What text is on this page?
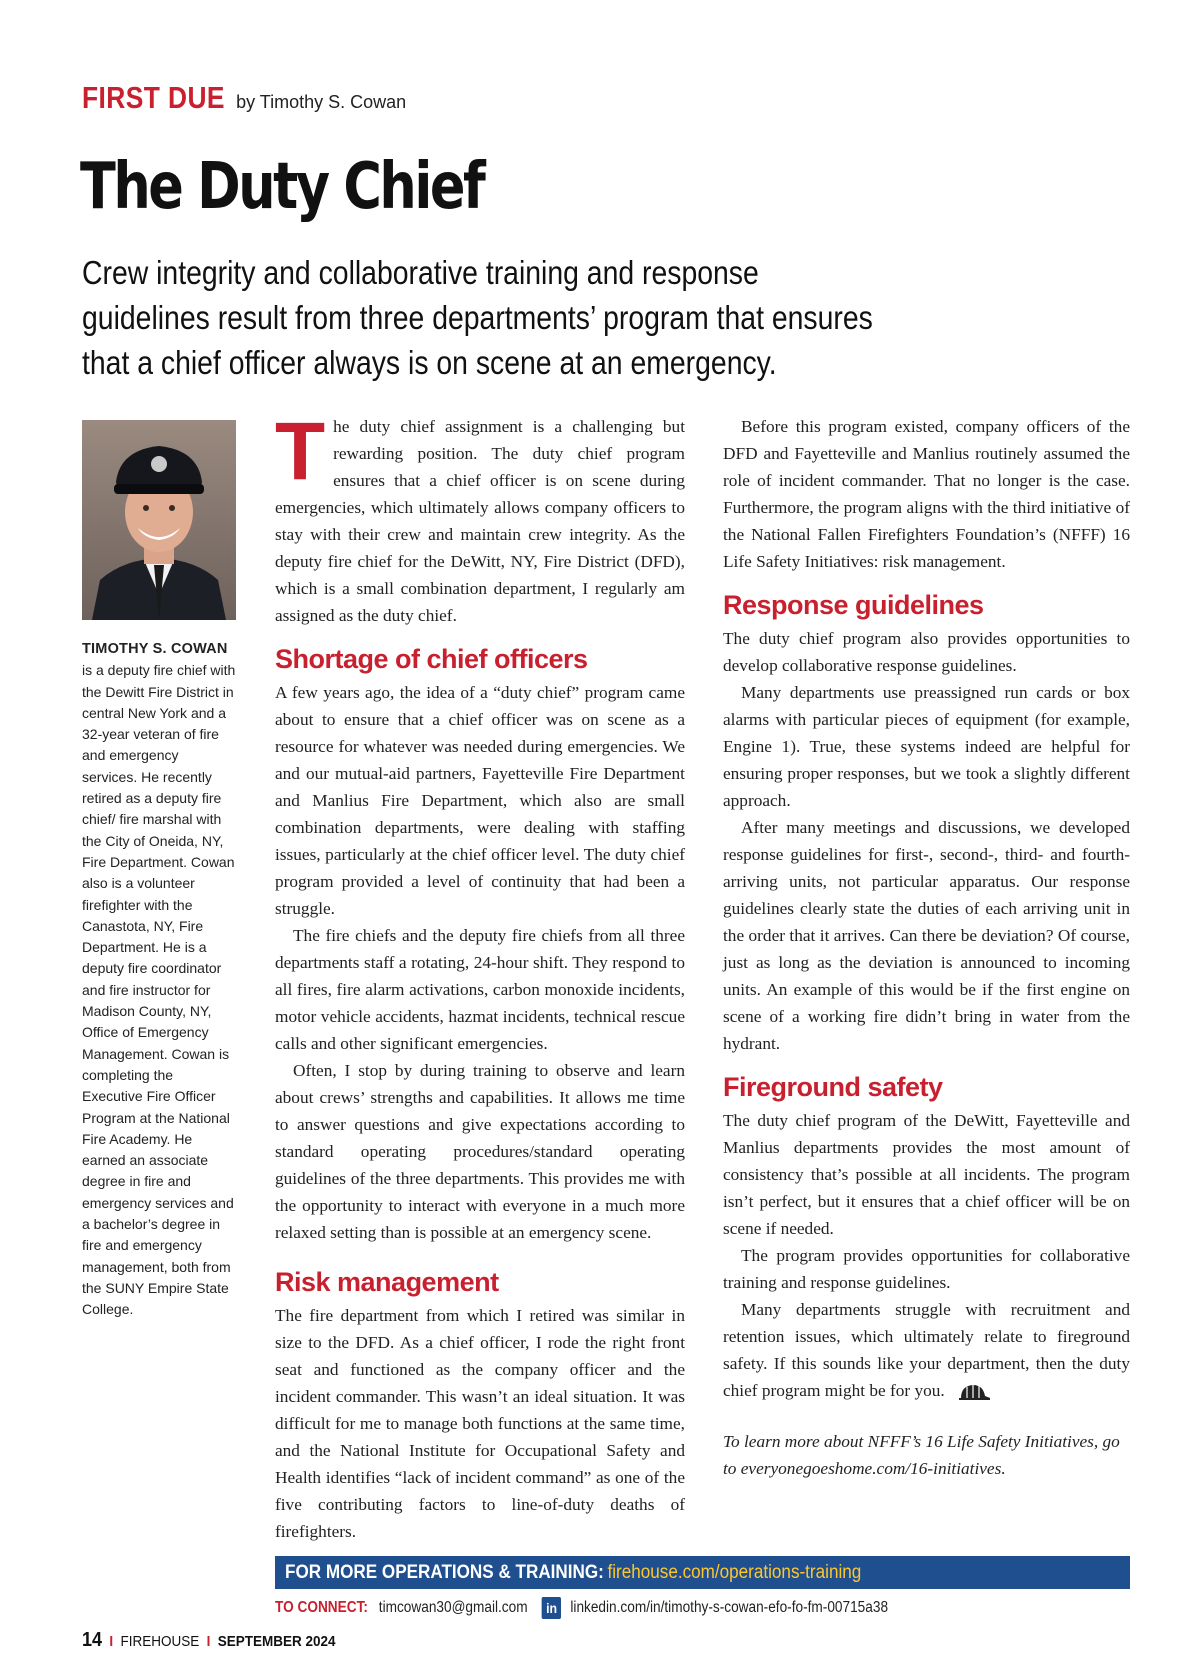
FIRST DUE by Timothy S. Cowan
The Duty Chief
Crew integrity and collaborative training and response guidelines result from three departments’ program that ensures that a chief officer always is on scene at an emergency.
TIMOTHY S. COWAN
is a deputy fire chief with the Dewitt Fire District in central New York and a 32-year veteran of fire and emergency services. He recently retired as a deputy fire chief/ fire marshal with the City of Oneida, NY, Fire Department. Cowan also is a volunteer firefighter with the Canastota, NY, Fire Department. He is a deputy fire coordinator and fire instructor for Madison County, NY, Office of Emergency Management. Cowan is completing the Executive Fire Officer Program at the National Fire Academy. He earned an associate degree in fire and emergency services and a bachelor’s degree in fire and emergency management, both from the SUNY Empire State College.

The duty chief assignment is a challenging but rewarding position. The duty chief program ensures that a chief officer is on scene during emergencies, which ultimately allows company officers to stay with their crew and maintain crew integrity. As the deputy fire chief for the DeWitt, NY, Fire District (DFD), which is a small combination department, I regularly am assigned as the duty chief.

Shortage of chief officers

A few years ago, the idea of a “duty chief” program came about to ensure that a chief officer was on scene as a resource for whatever was needed during emergencies. We and our mutual-aid partners, Fayetteville Fire Department and Manlius Fire Department, which also are small combination departments, were dealing with staffing issues, particularly at the chief officer level. The duty chief program provided a level of continuity that had been a struggle.

The fire chiefs and the deputy fire chiefs from all three departments staff a rotating, 24-hour shift. They respond to all fires, fire alarm activations, carbon monoxide incidents, motor vehicle accidents, hazmat incidents, technical rescue calls and other significant emergencies.

Often, I stop by during training to observe and learn about crews’ strengths and capabilities. It allows me time to answer questions and give expectations according to standard operating procedures/standard operating guidelines of the three departments. This provides me with the opportunity to interact with everyone in a much more relaxed setting than is possible at an emergency scene.

Risk management

The fire department from which I retired was similar in size to the DFD. As a chief officer, I rode the right front seat and functioned as the company officer and the incident commander. This wasn’t an ideal situation. It was difficult for me to manage both functions at the same time, and the National Institute for Occupational Safety and Health identifies “lack of incident command” as one of the five contributing factors to line-of-duty deaths of firefighters.

Before this program existed, company officers of the DFD and Fayetteville and Manlius routinely assumed the role of incident commander. That no longer is the case. Furthermore, the program aligns with the third initiative of the National Fallen Firefighters Foundation’s (NFFF) 16 Life Safety Initiatives: risk management.

Response guidelines

The duty chief program also provides opportunities to develop collaborative response guidelines.

Many departments use preassigned run cards or box alarms with particular pieces of equipment (for example, Engine 1). True, these systems indeed are helpful for ensuring proper responses, but we took a slightly different approach.

After many meetings and discussions, we developed response guidelines for first-, second-, third- and fourth-arriving units, not particular apparatus. Our response guidelines clearly state the duties of each arriving unit in the order that it arrives. Can there be deviation? Of course, just as long as the deviation is announced to incoming units. An example of this would be if the first engine on scene of a working fire didn’t bring in water from the hydrant.

Fireground safety

The duty chief program of the DeWitt, Fayetteville and Manlius departments provides the most amount of consistency that’s possible at all incidents. The program isn’t perfect, but it ensures that a chief officer will be on scene if needed.

The program provides opportunities for collaborative training and response guidelines.

Many departments struggle with recruitment and retention issues, which ultimately relate to fireground safety. If this sounds like your department, then the duty chief program might be for you.

To learn more about NFFF’s 16 Life Safety Initiatives, go to everyonegoeshome.com/16-initiatives.

FOR MORE OPERATIONS & TRAINING: firehouse.com/operations-training
TO CONNECT: timcowan30@gmail.com in linkedin.com/in/timothy-s-cowan-efo-fo-fm-00715a38
14 I FIREHOUSE I SEPTEMBER 2024
